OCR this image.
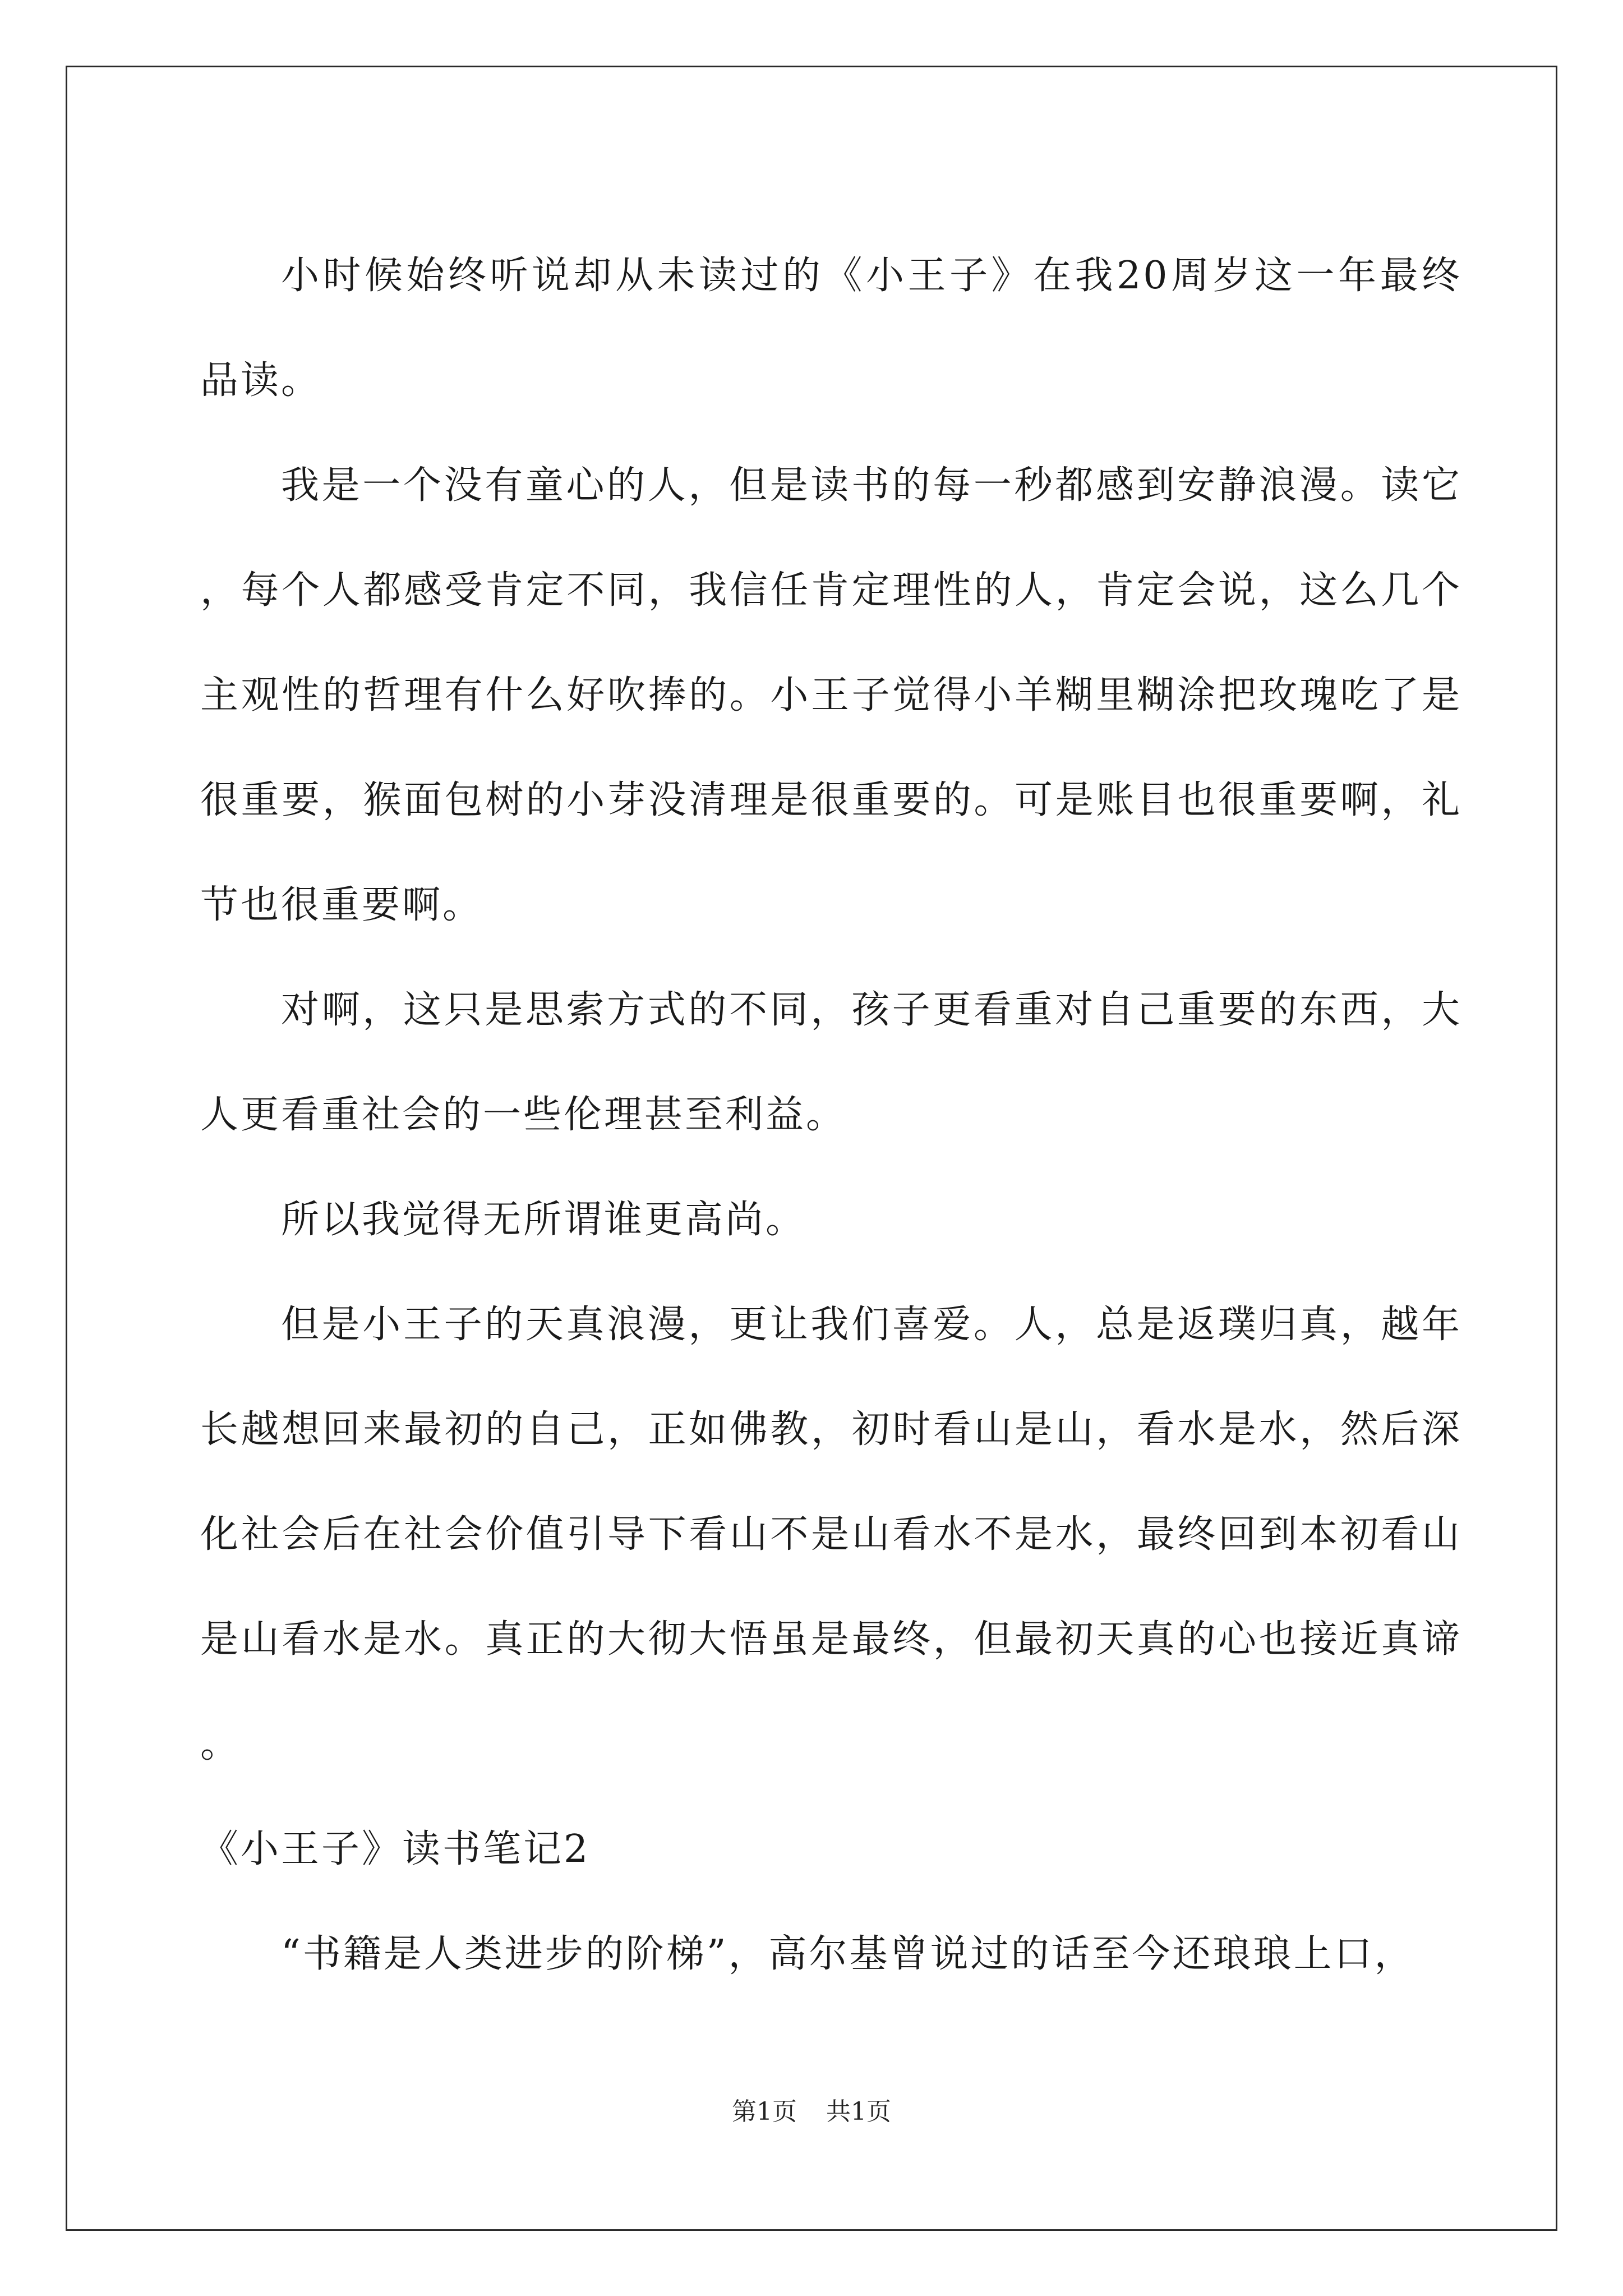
小时候始终听说却从未读过的《小王子》在我20周岁这一年最终品读。

我是一个没有童心的人，但是读书的每一秒都感到安静浪漫。读它，每个人都感受肯定不同，我信任肯定理性的人，肯定会说，这么几个主观性的哲理有什么好吹捧的。小王子觉得小羊糊里糊涂把玫瑰吃了是很重要，猴面包树的小芽没清理是很重要的。可是账目也很重要啊，礼节也很重要啊。

对啊，这只是思索方式的不同，孩子更看重对自己重要的东西，大人更看重社会的一些伦理甚至利益。

所以我觉得无所谓谁更高尚。

但是小王子的天真浪漫，更让我们喜爱。人，总是返璞归真，越年长越想回来最初的自己，正如佛教，初时看山是山，看水是水，然后深化社会后在社会价值引导下看山不是山看水不是水，最终回到本初看山是山看水是水。真正的大彻大悟虽是最终，但最初天真的心也接近真谛。

《小王子》读书笔记2

“书籍是人类进步的阶梯”，高尔基曾说过的话至今还琅琅上口，

第1页 共1页
